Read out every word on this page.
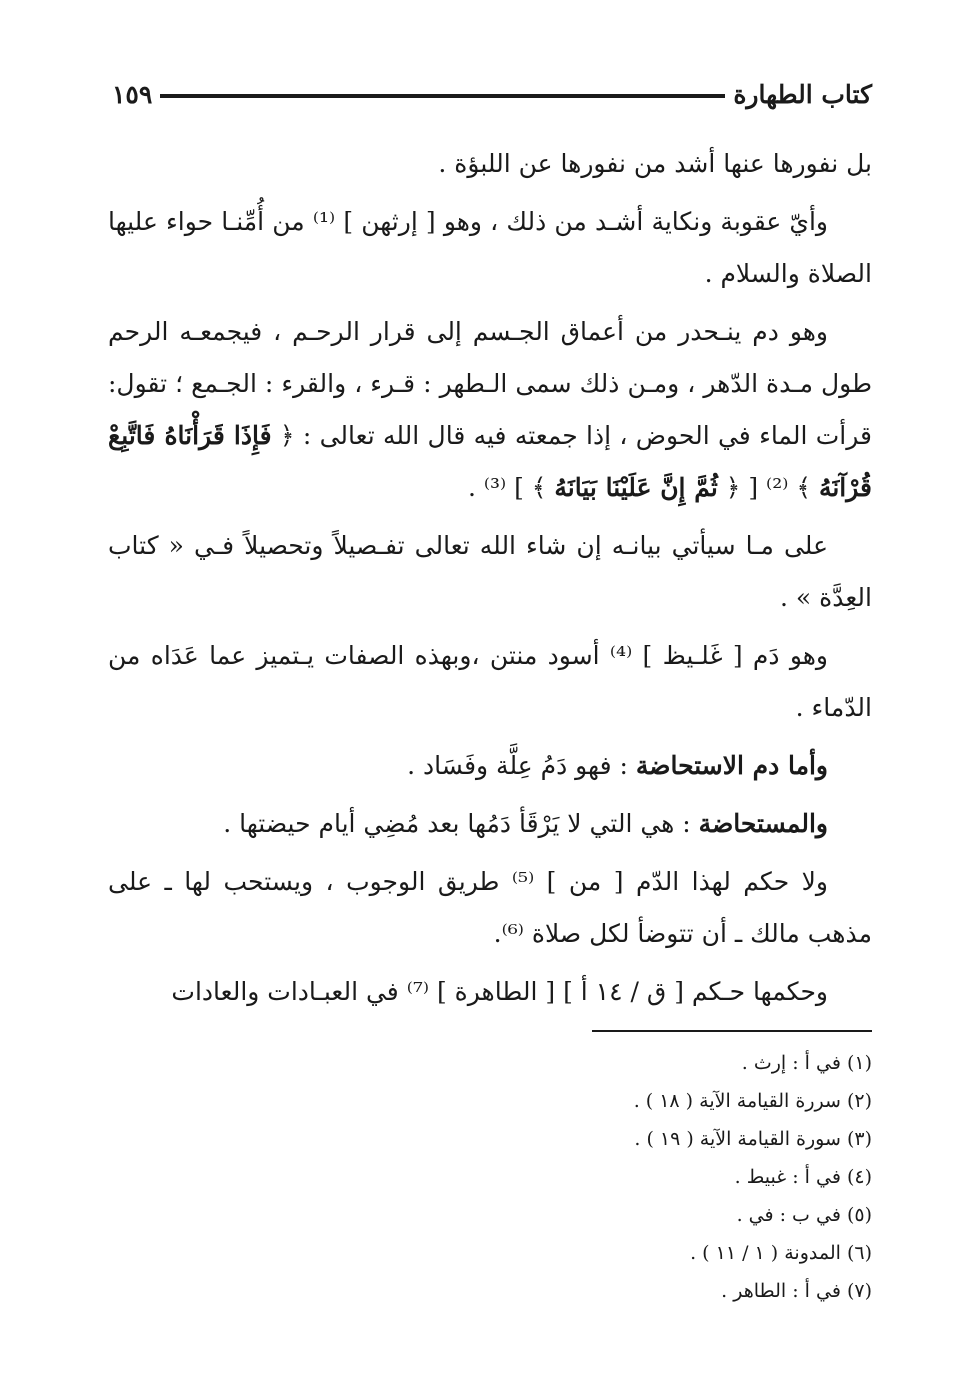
كتاب الطهارة
١٥٩

بل نفورها عنها أشد من نفورها عن اللبؤة .

وأيّ عقوبة ونكاية أشـد من ذلك ، وهو [ إرثهن ] ⁽¹⁾ من أُمِّنـا حواء عليها الصلاة والسلام .

وهو دم ينـحدر من أعماق الجـسم إلى قرار الرحـم ، فيجمعـه الرحم طول مـدة الدّهر ، ومـن ذلك سمى الـطهر : قـرء ، والقرء : الجـمع ؛ تقول: قرأت الماء في الحوض ، إذا جمعته فيه قال الله تعالى : ﴿ فَإِذَا قَرَأْنَاهُ فَاتَّبِعْ قُرْآنَهُ ﴾ ⁽²⁾ [ ﴿ ثُمَّ إِنَّ عَلَيْنَا بَيَانَهُ ﴾ ] ⁽³⁾ .

على مـا سيأتي بيانـه إن شاء الله تعالى تفـصيلاً وتحصيلاً فـي « كتاب العِدَّة » .

وهو دَم [ غَلـيظ ] ⁽⁴⁾ أسود منتن ،وبهذه الصفات يـتميز عما عَدَاه من الدّماء .

وأما دم الاستحاضة : فهو دَمُ عِلَّة وفَسَاد .

والمستحاضة : هي التي لا يَرْقَأ دَمُها بعد مُضِي أيام حيضتها .

ولا حكم لهذا الدّم [ من ] ⁽⁵⁾ طريق الوجوب ، ويستحب لها ـ على مذهب مالك ـ أن تتوضأ لكل صلاة ⁽⁶⁾.

وحكمها حـكم [ ق / ١٤ أ ] [ الطاهرة ] ⁽⁷⁾ في العبـادات والعادات

(١) في أ : إرث .
(٢) سررة القيامة الآية ( ١٨ ) .
(٣) سورة القيامة الآية ( ١٩ ) .
(٤) في أ : غبيط .
(٥) في ب : في .
(٦) المدونة ( ١ / ١١ ) .
(٧) في أ : الطاهر .
